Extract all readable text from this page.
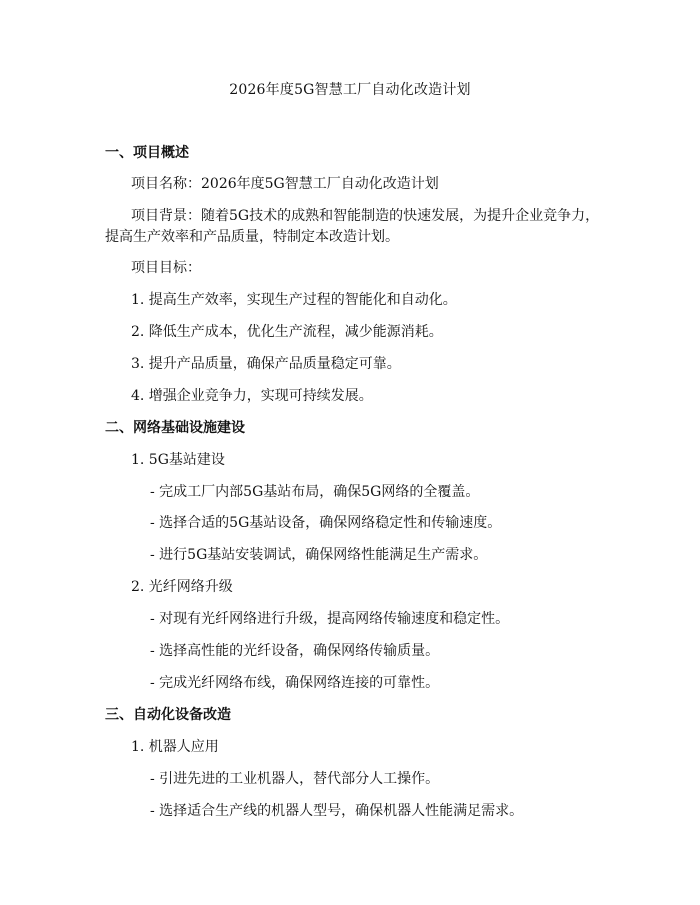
2026年度5G智慧工厂自动化改造计划
一、项目概述
项目名称：2026年度5G智慧工厂自动化改造计划
项目背景：随着5G技术的成熟和智能制造的快速发展，为提升企业竞争力，
提高生产效率和产品质量，特制定本改造计划。
项目目标：
1. 提高生产效率，实现生产过程的智能化和自动化。
2. 降低生产成本，优化生产流程，减少能源消耗。
3. 提升产品质量，确保产品质量稳定可靠。
4. 增强企业竞争力，实现可持续发展。
二、网络基础设施建设
1. 5G基站建设
- 完成工厂内部5G基站布局，确保5G网络的全覆盖。
- 选择合适的5G基站设备，确保网络稳定性和传输速度。
- 进行5G基站安装调试，确保网络性能满足生产需求。
2. 光纤网络升级
- 对现有光纤网络进行升级，提高网络传输速度和稳定性。
- 选择高性能的光纤设备，确保网络传输质量。
- 完成光纤网络布线，确保网络连接的可靠性。
三、自动化设备改造
1. 机器人应用
- 引进先进的工业机器人，替代部分人工操作。
- 选择适合生产线的机器人型号，确保机器人性能满足需求。
